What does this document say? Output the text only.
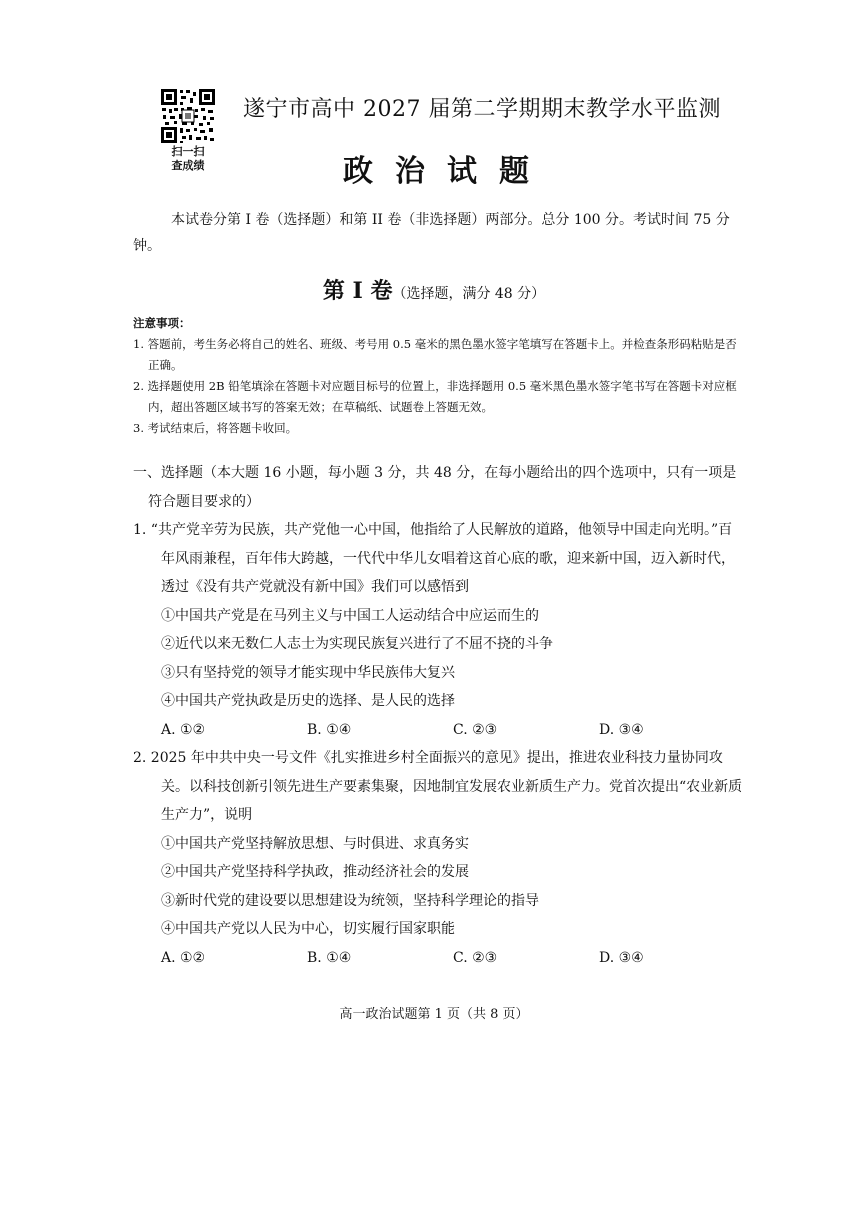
扫一扫
查成绩
遂宁市高中 2027 届第二学期期末教学水平监测
政治试题
本试卷分第 I 卷（选择题）和第 II 卷（非选择题）两部分。总分 100 分。考试时间 75 分钟。
第 I 卷（选择题，满分 48 分）
注意事项：
1. 答题前，考生务必将自己的姓名、班级、考号用 0.5 毫米的黑色墨水签字笔填写在答题卡上。并检查条形码粘贴是否正确。
2. 选择题使用 2B 铅笔填涂在答题卡对应题目标号的位置上，非选择题用 0.5 毫米黑色墨水签字笔书写在答题卡对应框内，超出答题区域书写的答案无效；在草稿纸、试题卷上答题无效。
3. 考试结束后，将答题卡收回。
一、选择题（本大题 16 小题，每小题 3 分，共 48 分，在每小题给出的四个选项中，只有一项是符合题目要求的）
1. “共产党辛劳为民族，共产党他一心中国，他指给了人民解放的道路，他领导中国走向光明。”百年风雨兼程，百年伟大跨越，一代代中华儿女唱着这首心底的歌，迎来新中国，迈入新时代，透过《没有共产党就没有新中国》我们可以感悟到
①中国共产党是在马列主义与中国工人运动结合中应运而生的
②近代以来无数仁人志士为实现民族复兴进行了不屈不挠的斗争
③只有坚持党的领导才能实现中华民族伟大复兴
④中国共产党执政是历史的选择、是人民的选择
A. ①②	B. ①④	C. ②③	D. ③④
2. 2025 年中共中央一号文件《扎实推进乡村全面振兴的意见》提出，推进农业科技力量协同攻关。以科技创新引领先进生产要素集聚，因地制宜发展农业新质生产力。党首次提出“农业新质生产力”，说明
①中国共产党坚持解放思想、与时俱进、求真务实
②中国共产党坚持科学执政，推动经济社会的发展
③新时代党的建设要以思想建设为统领，坚持科学理论的指导
④中国共产党以人民为中心，切实履行国家职能
A. ①②	B. ①④	C. ②③	D. ③④
高一政治试题第 1 页（共 8 页）
